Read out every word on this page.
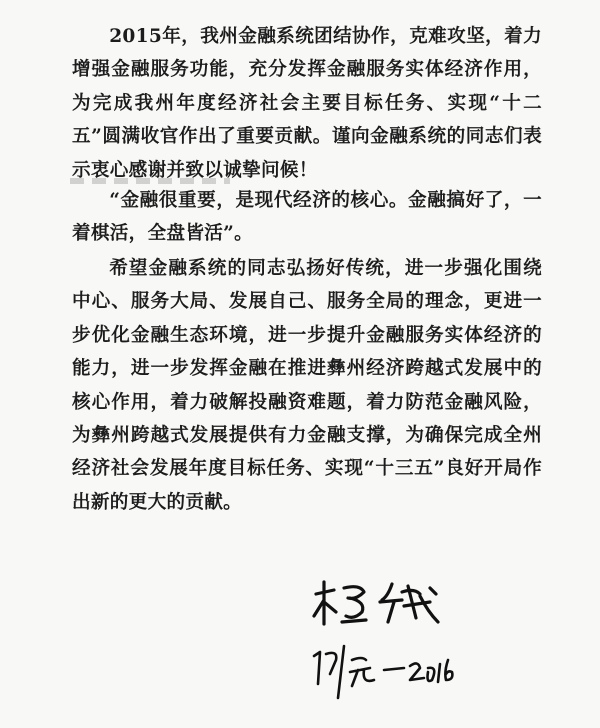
2015年，我州金融系统团结协作，克难攻坚，着力增强金融服务功能，充分发挥金融服务实体经济作用，为完成我州年度经济社会主要目标任务、实现“十二五”圆满收官作出了重要贡献。谨向金融系统的同志们表示衷心感谢并致以诚挚问候！

“金融很重要，是现代经济的核心。金融搞好了，一着棋活，全盘皆活”。

希望金融系统的同志弘扬好传统，进一步强化围绕中心、服务大局、发展自己、服务全局的理念，更进一步优化金融生态环境，进一步提升金融服务实体经济的能力，进一步发挥金融在推进彝州经济跨越式发展中的核心作用，着力破解投融资难题，着力防范金融风险，为彝州跨越式发展提供有力金融支撑，为确保完成全州经济社会发展年度目标任务、实现“十三五”良好开局作出新的更大的贡献。
